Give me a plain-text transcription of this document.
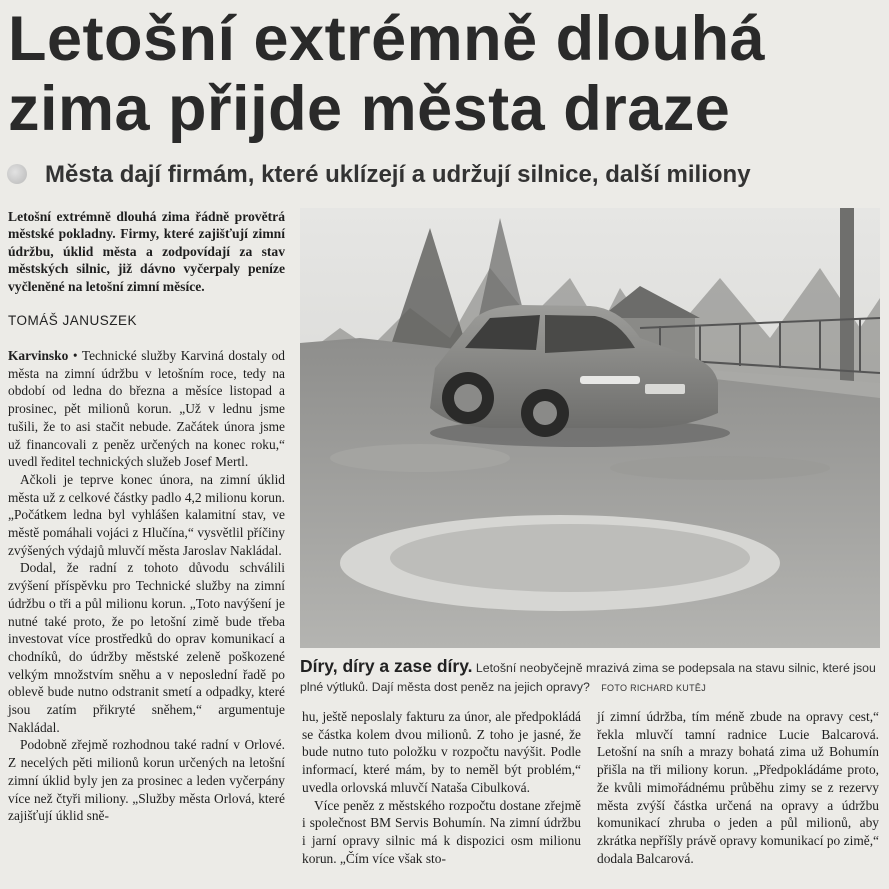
Letošní extrémně dlouhá zima přijde města draze
Města dají firmám, které uklízejí a udržují silnice, další miliony

Letošní extrémně dlouhá zima řádně provětrá městské pokladny. Firmy, které zajišťují zimní údržbu, úklid města a zodpovídají za stav městských silnic, již dávno vyčerpaly peníze vyčleněné na letošní zimní měsíce.

TOMÁŠ JANUSZEK

Karvinsko • Technické služby Karviná dostaly od města na zimní údržbu v letošním roce, tedy na období od ledna do března a měsíce listopad a prosinec, pět milionů korun. „Už v lednu jsme tušili, že to asi stačit nebude. Začátek února jsme už financovali z peněz určených na konec roku,“ uvedl ředitel technických služeb Josef Mertl.

Ačkoli je teprve konec února, na zimní úklid města už z celkové částky padlo 4,2 milionu korun. „Počátkem ledna byl vyhlášen kalamitní stav, ve městě pomáhali vojáci z Hlučína,“ vysvětlil příčiny zvýšených výdajů mluvčí města Jaroslav Nakládal.

Dodal, že radní z tohoto důvodu schválili zvýšení příspěvku pro Technické služby na zimní údržbu o tři a půl milionu korun. „Toto navýšení je nutné také proto, že po letošní zimě bude třeba investovat více prostředků do oprav komunikací a chodníků, do údržby městské zeleně poškozené velkým množstvím sněhu a v neposlední řadě po oblevě bude nutno odstranit smetí a odpadky, které jsou zatím přikryté sněhem,“ argumentuje Nakládal.

Podobně zřejmě rozhodnou také radní v Orlové. Z necelých pěti milionů korun určených na letošní zimní úklid byly jen za prosinec a leden vyčerpány více než čtyři miliony. „Služby města Orlová, které zajišťují úklid sně-

Díry, díry a zase díry. Letošní neobyčejně mrazivá zima se podepsala na stavu silnic, které jsou plné výtluků. Dají města dost peněz na jejich opravy? FOTO RICHARD KUTĚJ

hu, ještě neposlaly fakturu za únor, ale předpokládá se částka kolem dvou milionů. Z toho je jasné, že bude nutno tuto položku v rozpočtu navýšit. Podle informací, které mám, by to neměl být problém,“ uvedla orlovská mluvčí Nataša Cibulková.

Více peněz z městského rozpočtu dostane zřejmě i společnost BM Servis Bohumín. Na zimní údržbu i jarní opravy silnic má k dispozici osm milionu korun. „Čím více však sto-

jí zimní údržba, tím méně zbude na opravy cest,“ řekla mluvčí tamní radnice Lucie Balcarová. Letošní na sníh a mrazy bohatá zima už Bohumín přišla na tři miliony korun. „Předpokládáme proto, že kvůli mimořádnému průběhu zimy se z rezervy města zvýší částka určená na opravy a údržbu komunikací zhruba o jeden a půl milionů, aby zkrátka nepříšly právě opravy komunikací po zimě,“ dodala Balcarová.
